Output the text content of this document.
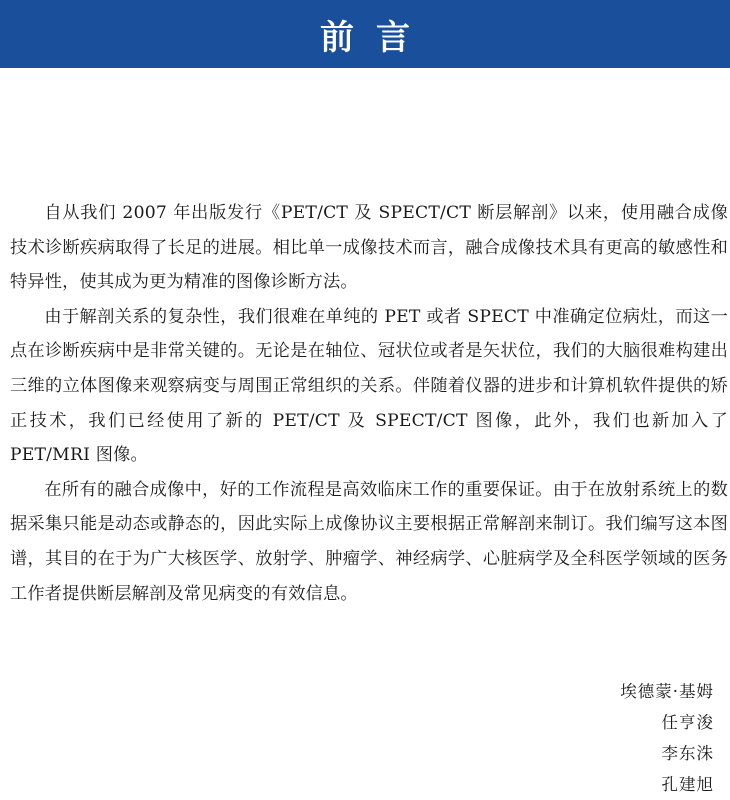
前言

自从我们 2007 年出版发行《PET/CT 及 SPECT/CT 断层解剖》以来，使用融合成像技术诊断疾病取得了长足的进展。相比单一成像技术而言，融合成像技术具有更高的敏感性和特异性，使其成为更为精准的图像诊断方法。

由于解剖关系的复杂性，我们很难在单纯的 PET 或者 SPECT 中准确定位病灶，而这一点在诊断疾病中是非常关键的。无论是在轴位、冠状位或者是矢状位，我们的大脑很难构建出三维的立体图像来观察病变与周围正常组织的关系。伴随着仪器的进步和计算机软件提供的矫正技术，我们已经使用了新的 PET/CT 及 SPECT/CT 图像，此外，我们也新加入了 PET/MRI 图像。

在所有的融合成像中，好的工作流程是高效临床工作的重要保证。由于在放射系统上的数据采集只能是动态或静态的，因此实际上成像协议主要根据正常解剖来制订。我们编写这本图谱，其目的在于为广大核医学、放射学、肿瘤学、神经病学、心脏病学及全科医学领域的医务工作者提供断层解剖及常见病变的有效信息。

埃德蒙·基姆
任亨浚
李东洙
孔建旭
